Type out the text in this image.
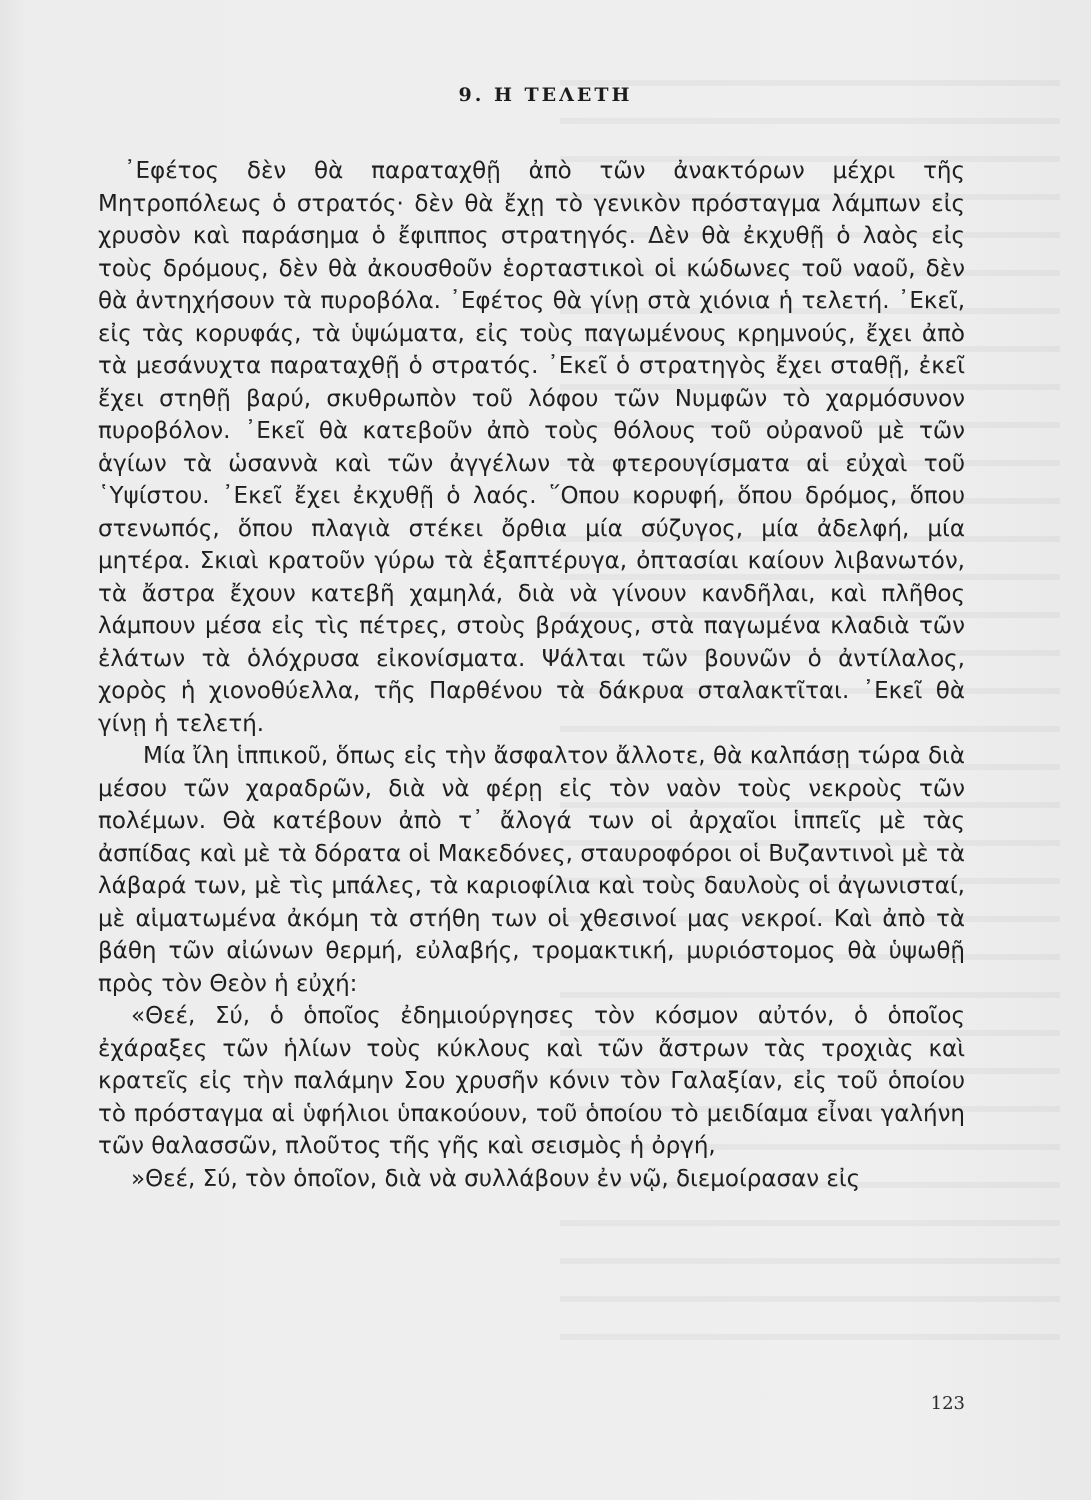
9. Η ΤΕΛΕΤΗ

᾿Εφέτος δὲν θὰ παραταχθῇ ἀπὸ τῶν ἀνακτόρων μέχρι τῆς Μητροπόλεως ὁ στρατός· δὲν θὰ ἔχῃ τὸ γενικὸν πρόσταγμα λάμπων εἰς χρυσὸν καὶ παράσημα ὁ ἔφιππος στρατηγός. Δὲν θὰ ἐκχυθῇ ὁ λαὸς εἰς τοὺς δρόμους, δὲν θὰ ἀκουσθοῦν ἑορταστικοὶ οἱ κώδωνες τοῦ ναοῦ, δὲν θὰ ἀντηχήσουν τὰ πυροβόλα. ᾿Εφέτος θὰ γίνῃ στὰ χιόνια ἡ τελετή. ᾿Εκεῖ, εἰς τὰς κορυφάς, τὰ ὑψώματα, εἰς τοὺς παγωμένους κρημνούς, ἔχει ἀπὸ τὰ μεσάνυχτα παραταχθῇ ὁ στρατός. ᾿Εκεῖ ὁ στρατηγὸς ἔχει σταθῇ, ἐκεῖ ἔχει στηθῇ βαρύ, σκυθρωπὸν τοῦ λόφου τῶν Νυμφῶν τὸ χαρμόσυνον πυροβόλον. ᾿Εκεῖ θὰ κατεβοῦν ἀπὸ τοὺς θόλους τοῦ οὐρανοῦ μὲ τῶν ἁγίων τὰ ὡσαννὰ καὶ τῶν ἀγγέλων τὰ φτερουγίσματα αἱ εὐχαὶ τοῦ ῾Υψίστου. ᾿Εκεῖ ἔχει ἐκχυθῇ ὁ λαός. ῞Οπου κορυφή, ὅπου δρόμος, ὅπου στενωπός, ὅπου πλαγιὰ στέκει ὄρθια μία σύζυγος, μία ἀδελφή, μία μητέρα. Σκιαὶ κρατοῦν γύρω τὰ ἑξαπτέρυγα, ὀπτασίαι καίουν λιβανωτόν, τὰ ἄστρα ἔχουν κατεβῆ χαμηλά, διὰ νὰ γίνουν κανδῆλαι, καὶ πλῆθος λάμπουν μέσα εἰς τὶς πέτρες, στοὺς βράχους, στὰ παγωμένα κλαδιὰ τῶν ἐλάτων τὰ ὁλόχρυσα εἰκονίσματα. Ψάλται τῶν βουνῶν ὁ ἀντίλαλος, χορὸς ἡ χιονοθύελλα, τῆς Παρθένου τὰ δάκρυα σταλακτῖται. ᾿Εκεῖ θὰ γίνῃ ἡ τελετή.

Μία ἴλη ἱππικοῦ, ὅπως εἰς τὴν ἄσφαλτον ἄλλοτε, θὰ καλπάσῃ τώρα διὰ μέσου τῶν χαραδρῶν, διὰ νὰ φέρῃ εἰς τὸν ναὸν τοὺς νεκροὺς τῶν πολέμων. Θὰ κατέβουν ἀπὸ τ᾿ ἄλογά των οἱ ἀρχαῖοι ἱππεῖς μὲ τὰς ἀσπίδας καὶ μὲ τὰ δόρατα οἱ Μακεδόνες, σταυροφόροι οἱ Βυζαντινοὶ μὲ τὰ λάβαρά των, μὲ τὶς μπάλες, τὰ καριοφίλια καὶ τοὺς δαυλοὺς οἱ ἀγωνισταί, μὲ αἱματωμένα ἀκόμη τὰ στήθη των οἱ χθεσινοί μας νεκροί. Καὶ ἀπὸ τὰ βάθη τῶν αἰώνων θερμή, εὐλαβής, τρομακτική, μυριόστομος θὰ ὑψωθῇ πρὸς τὸν Θεὸν ἡ εὐχή:

«Θεέ, Σύ, ὁ ὁποῖος ἐδημιούργησες τὸν κόσμον αὐτόν, ὁ ὁποῖος ἐχάραξες τῶν ἡλίων τοὺς κύκλους καὶ τῶν ἄστρων τὰς τροχιὰς καὶ κρατεῖς εἰς τὴν παλάμην Σου χρυσῆν κόνιν τὸν Γαλαξίαν, εἰς τοῦ ὁποίου τὸ πρόσταγμα αἱ ὑφήλιοι ὑπακούουν, τοῦ ὁποίου τὸ μειδίαμα εἶναι γαλήνη τῶν θαλασσῶν, πλοῦτος τῆς γῆς καὶ σεισμὸς ἡ ὀργή,

»Θεέ, Σύ, τὸν ὁποῖον, διὰ νὰ συλλάβουν ἐν νῷ, διεμοίρασαν εἰς

123
